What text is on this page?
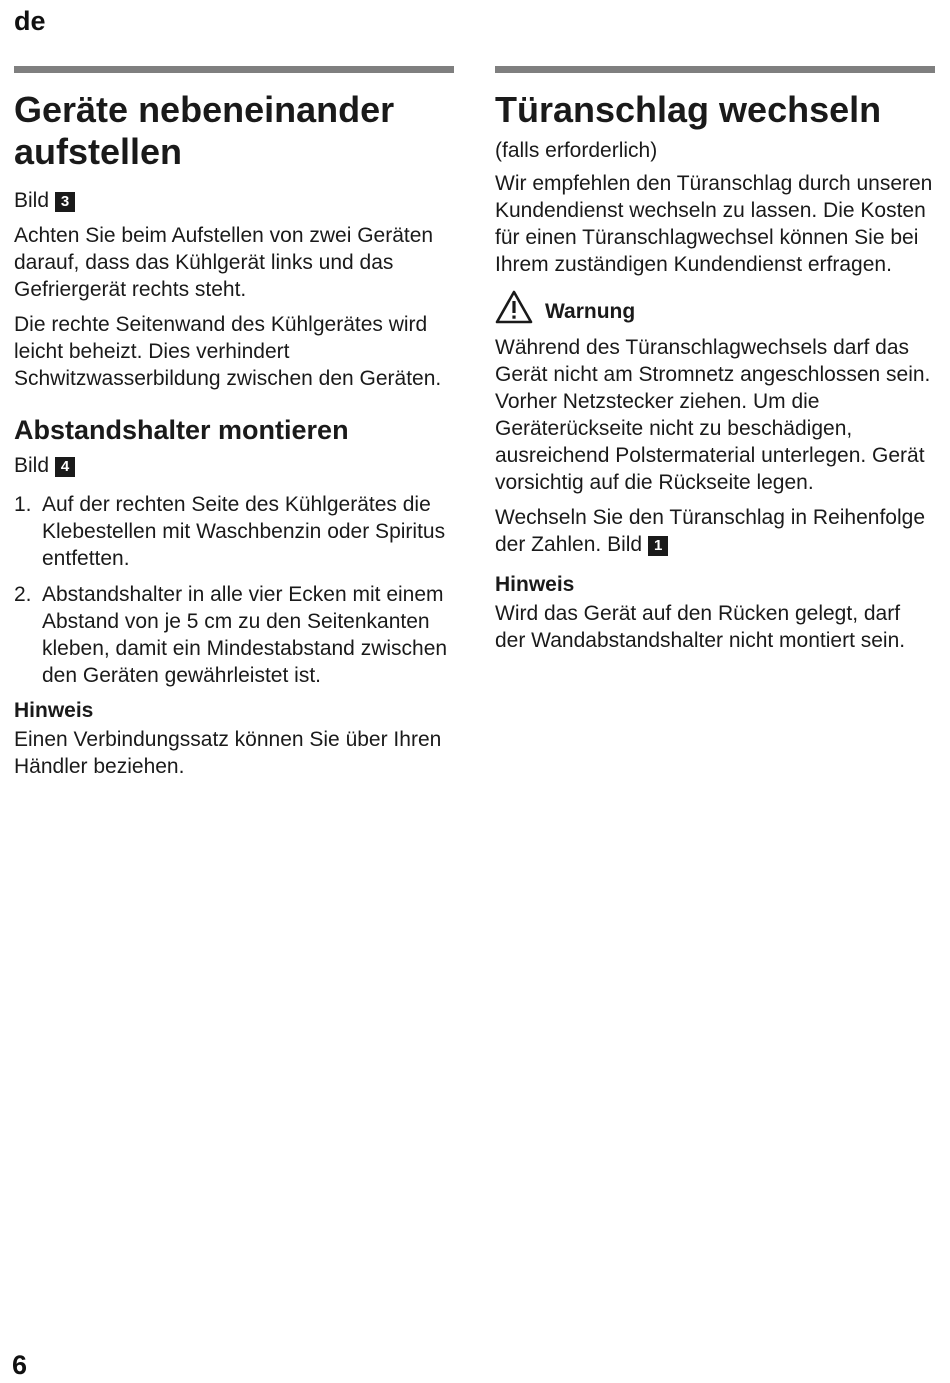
de
Geräte nebeneinander aufstellen

Bild 3

Achten Sie beim Aufstellen von zwei Geräten darauf, dass das Kühlgerät links und das Gefriergerät rechts steht.

Die rechte Seitenwand des Kühlgerätes wird leicht beheizt. Dies verhindert Schwitzwasserbildung zwischen den Geräten.

Abstandshalter montieren

Bild 4

1. Auf der rechten Seite des Kühlgerätes die Klebestellen mit Waschbenzin oder Spiritus entfetten.
2. Abstandshalter in alle vier Ecken mit einem Abstand von je 5 cm zu den Seitenkanten kleben, damit ein Mindestabstand zwischen den Geräten gewährleistet ist.
Hinweis

Einen Verbindungssatz können Sie über Ihren Händler beziehen.

Türanschlag wechseln

(falls erforderlich)

Wir empfehlen den Türanschlag durch unseren Kundendienst wechseln zu lassen. Die Kosten für einen Türanschlagwechsel können Sie bei Ihrem zuständigen Kundendienst erfragen.

Warnung

Während des Türanschlagwechsels darf das Gerät nicht am Stromnetz angeschlossen sein. Vorher Netzstecker ziehen. Um die Geräterückseite nicht zu beschädigen, ausreichend Polstermaterial unterlegen. Gerät vorsichtig auf die Rückseite legen.

Wechseln Sie den Türanschlag in Reihenfolge der Zahlen. Bild 1

Hinweis

Wird das Gerät auf den Rücken gelegt, darf der Wandabstandshalter nicht montiert sein.

6
